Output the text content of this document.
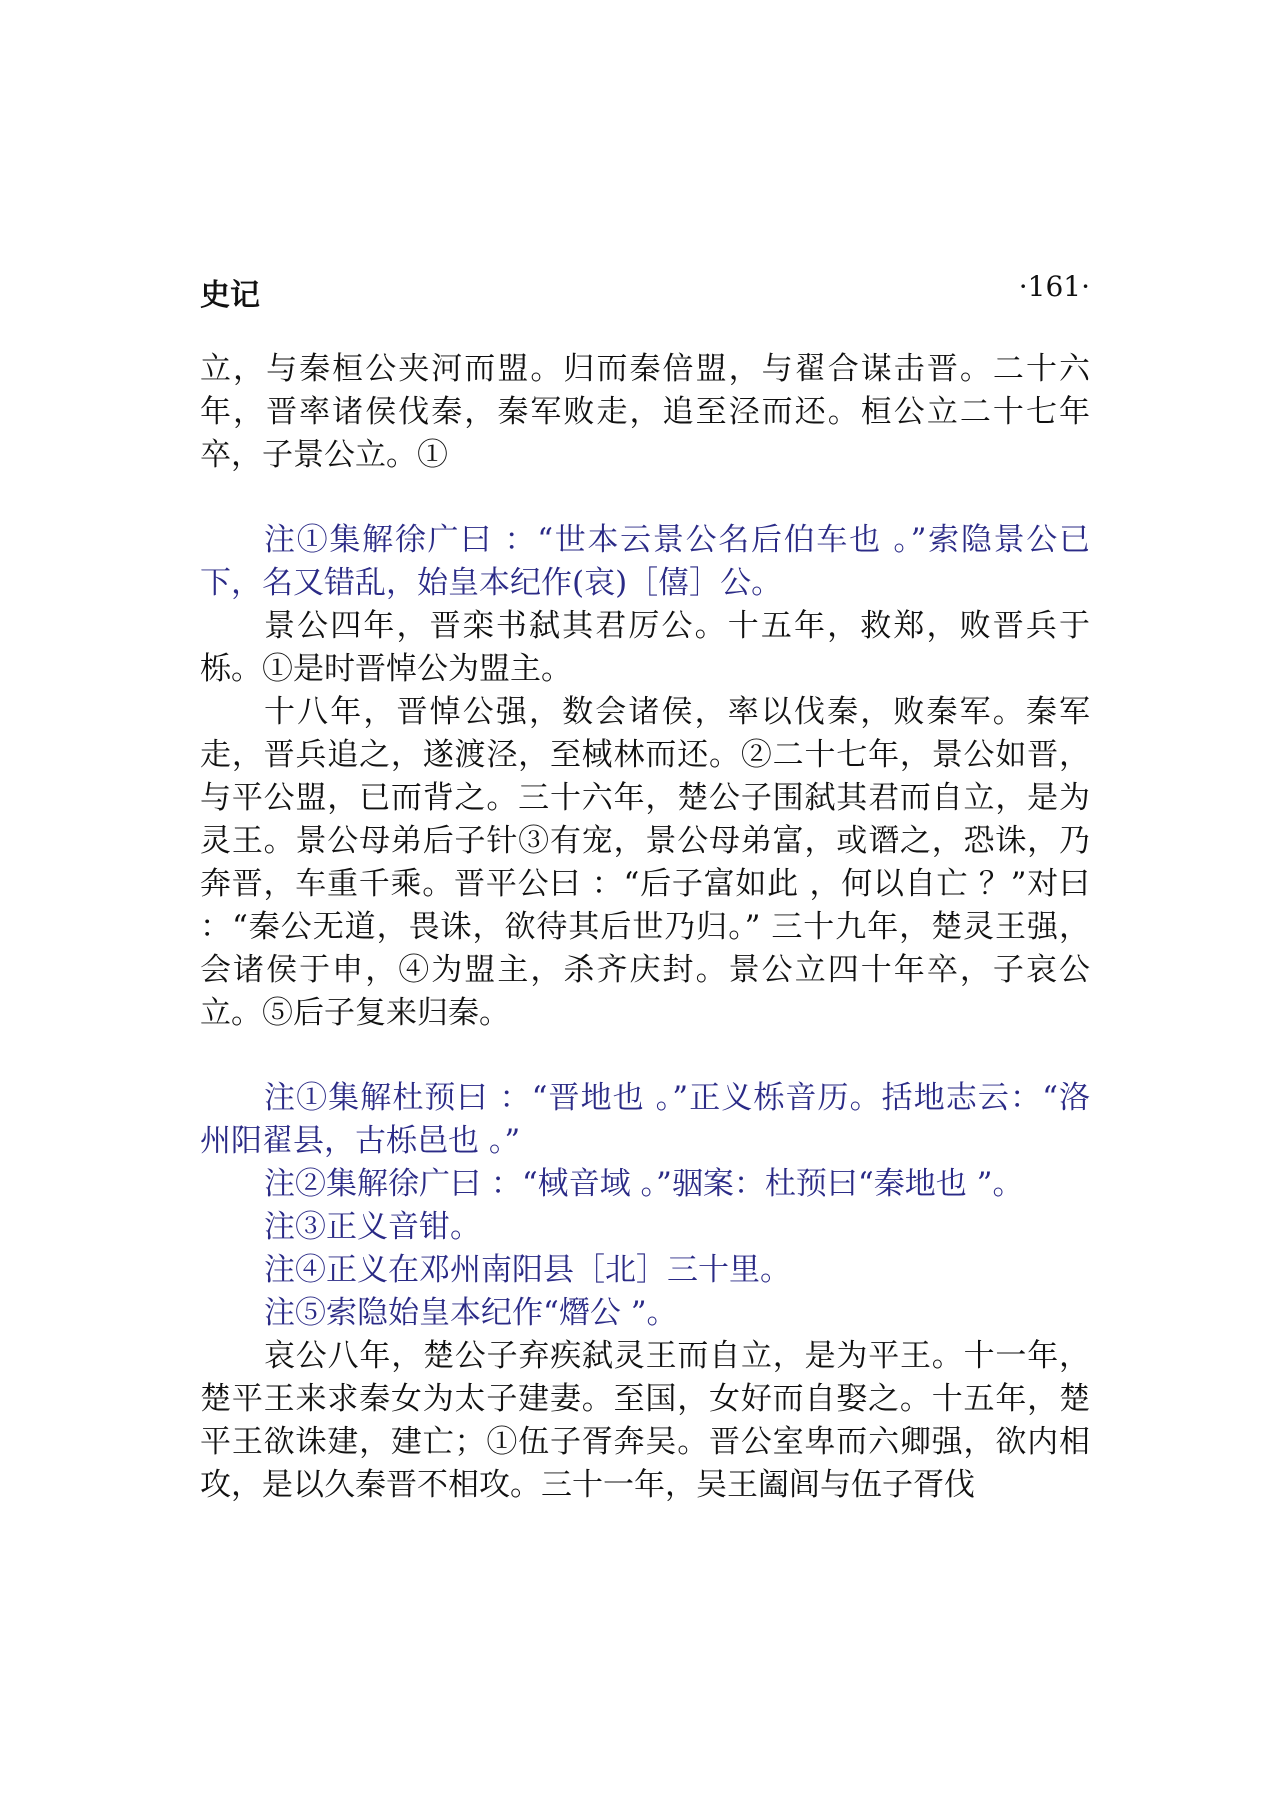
史记	·161·

立，与秦桓公夹河而盟。归而秦倍盟，与翟合谋击晋。二十六年，晋率诸侯伐秦，秦军败走，追至泾而还。桓公立二十七年卒，子景公立。①

注①集解徐广曰 ：“世本云景公名后伯车也 。”索隐景公已下，名又错乱，始皇本纪作(哀)［僖］公。

景公四年，晋栾书弑其君厉公。十五年，救郑，败晋兵于栎。①是时晋悼公为盟主。

十八年，晋悼公强，数会诸侯，率以伐秦，败秦军。秦军走，晋兵追之，遂渡泾，至棫林而还。②二十七年，景公如晋，与平公盟，已而背之。三十六年，楚公子围弑其君而自立，是为灵王。景公母弟后子针③有宠，景公母弟富，或谮之，恐诛，乃奔晋，车重千乘。晋平公曰 ：“后子富如此 ，何以自亡 ？”对曰 ：“秦公无道，畏诛，欲待其后世乃归。” 三十九年，楚灵王强，会诸侯于申，④为盟主，杀齐庆封。景公立四十年卒，子哀公立。⑤后子复来归秦。

注①集解杜预曰 ：“晋地也 。”正义栎音历。括地志云：“洛州阳翟县，古栎邑也 。”

注②集解徐广曰 ：“棫音域 。”骃案：杜预曰“秦地也 ”。

注③正义音钳。

注④正义在邓州南阳县［北］三十里。

注⑤索隐始皇本纪作“熸公 ”。

哀公八年，楚公子弃疾弑灵王而自立，是为平王。十一年，楚平王来求秦女为太子建妻。至国，女好而自娶之。十五年，楚平王欲诛建，建亡；①伍子胥奔吴。晋公室卑而六卿强，欲内相攻，是以久秦晋不相攻。三十一年，吴王阖闾与伍子胥伐
